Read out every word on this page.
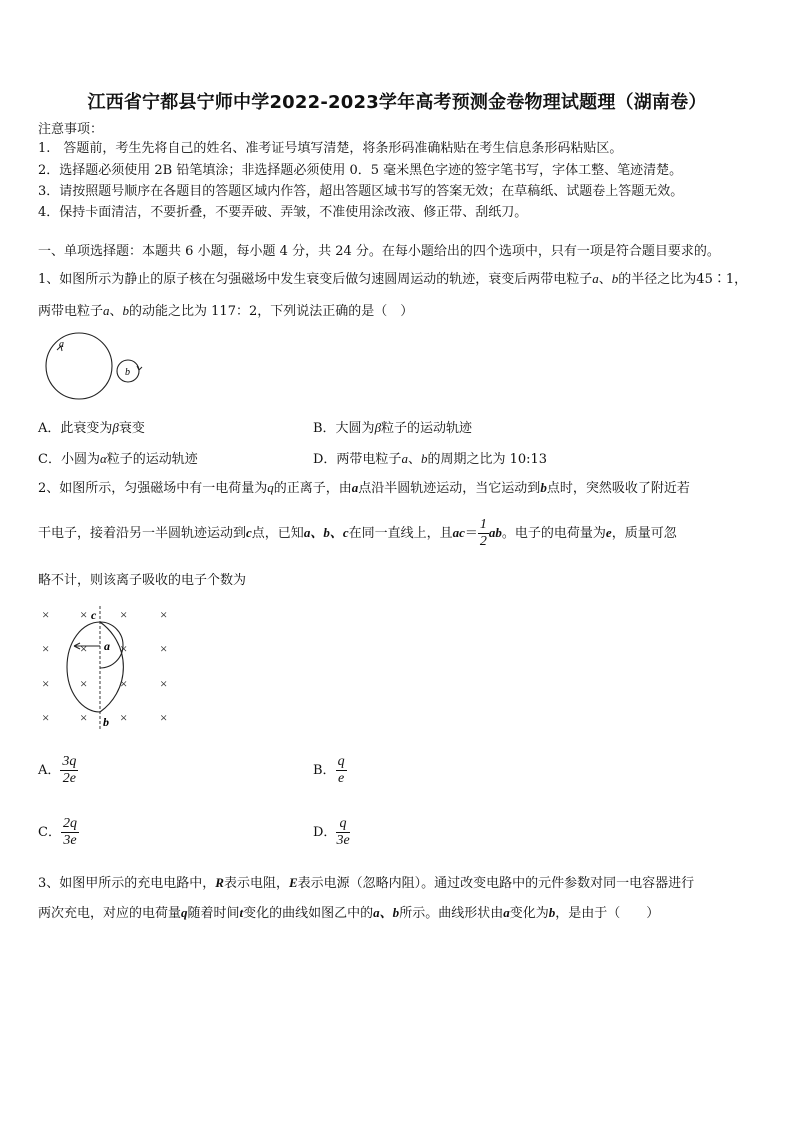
江西省宁都县宁师中学2022-2023学年高考预测金卷物理试题理（湖南卷）
注意事项：
1.　答题前，考生先将自己的姓名、准考证号填写清楚，将条形码准确粘贴在考生信息条形码粘贴区。
2．选择题必须使用 2B 铅笔填涂；非选择题必须使用 0．5 毫米黑色字迹的签字笔书写，字体工整、笔迹清楚。
3．请按照题号顺序在各题目的答题区域内作答，超出答题区域书写的答案无效；在草稿纸、试题卷上答题无效。
4．保持卡面清洁，不要折叠，不要弄破、弄皱，不准使用涂改液、修正带、刮纸刀。
一、单项选择题：本题共 6 小题，每小题 4 分，共 24 分。在每小题给出的四个选项中，只有一项是符合题目要求的。
1、如图所示为静止的原子核在匀强磁场中发生衰变后做匀速圆周运动的轨迹，衰变后两带电粒子a、b的半径之比为45∶1，
两带电粒子a、b的动能之比为 117：2，下列说法正确的是（　）
a
b
A．此衰变为β衰变	B．大圆为β粒子的运动轨迹
C．小圆为α粒子的运动轨迹	D．两带电粒子a、b的周期之比为 10:13
2、如图所示，匀强磁场中有一电荷量为q的正离子，由a点沿半圆轨迹运动，当它运动到b点时，突然吸收了附近若
干电子，接着沿另一半圆轨迹运动到c点，已知a、b、c在同一直线上，且$ac= \frac{1}{2}$ ab。电子的电荷量为e，质量可忽
略不计，则该离子吸收的电子个数为
× ×	×	×
× ×	×	×
× ×	×	×
× ×	×	×
c
a
b
A． $\frac{3q}{2e}$	B． $\frac{q}{e}$
C． $\frac{2q}{3e}$	D． $\frac{q}{3e}$
3、如图甲所示的充电电路中，R表示电阻，E表示电源（忽略内阻）。通过改变电路中的元件参数对同一电容器进行
两次充电，对应的电荷量q随着时间t变化的曲线如图乙中的a、b所示。曲线形状由a变化为b，是由于（　　）
